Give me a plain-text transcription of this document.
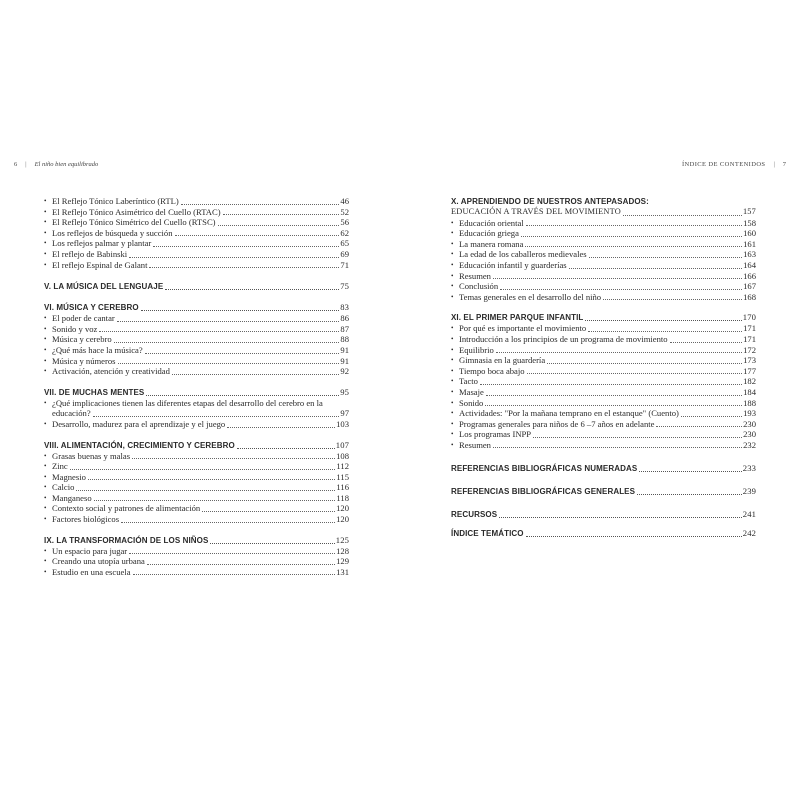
6 | El niño bien equilibrado	ÍNDICE DE CONTENIDOS | 7
• El Reflejo Tónico Laberíntico (RTL)	46
• El Reflejo Tónico Asimétrico del Cuello (RTAC)	52
• El Reflejo Tónico Simétrico del Cuello (RTSC)	56
• Los reflejos de búsqueda y succión	62
• Los reflejos palmar y plantar	65
• El reflejo de Babinski	69
• El reflejo Espinal de Galant	71
V. LA MÚSICA DEL LENGUAJE	75
VI. MÚSICA Y CEREBRO	83
• El poder de cantar	86
• Sonido y voz	87
• Música y cerebro	88
• ¿Qué más hace la música?	91
• Música y números	91
• Activación, atención y creatividad	92
VII. DE MUCHAS MENTES	95
• ¿Qué implicaciones tienen las diferentes etapas del desarrollo del cerebro en la
educación?	97
• Desarrollo, madurez para el aprendizaje y el juego	103
VIII. ALIMENTACIÓN, CRECIMIENTO Y CEREBRO	107
• Grasas buenas y malas	108
• Zinc	112
• Magnesio	115
• Calcio	116
• Manganeso	118
• Contexto social y patrones de alimentación	120
• Factores biológicos	120
IX. LA TRANSFORMACIÓN DE LOS NIÑOS	125
• Un espacio para jugar	128
• Creando una utopía urbana	129
• Estudio en una escuela	131
X. APRENDIENDO DE NUESTROS ANTEPASADOS:
EDUCACIÓN A TRAVÉS DEL MOVIMIENTO	157
• Educación oriental	158
• Educación griega	160
• La manera romana	161
• La edad de los caballeros medievales	163
• Educación infantil y guarderías	164
• Resumen	166
• Conclusión	167
• Temas generales en el desarrollo del niño	168
XI. EL PRIMER PARQUE INFANTIL	170
• Por qué es importante el movimiento	171
• Introducción a los principios de un programa de movimiento	171
• Equilibrio	172
• Gimnasia en la guardería	173
• Tiempo boca abajo	177
• Tacto	182
• Masaje	184
• Sonido	188
• Actividades: "Por la mañana temprano en el estanque" (Cuento)	193
• Programas generales para niños de 6 –7 años en adelante	230
• Los programas INPP	230
• Resumen	232
REFERENCIAS BIBLIOGRÁFICAS NUMERADAS	233
REFERENCIAS BIBLIOGRÁFICAS GENERALES	239
RECURSOS	241
ÍNDICE TEMÁTICO	242
